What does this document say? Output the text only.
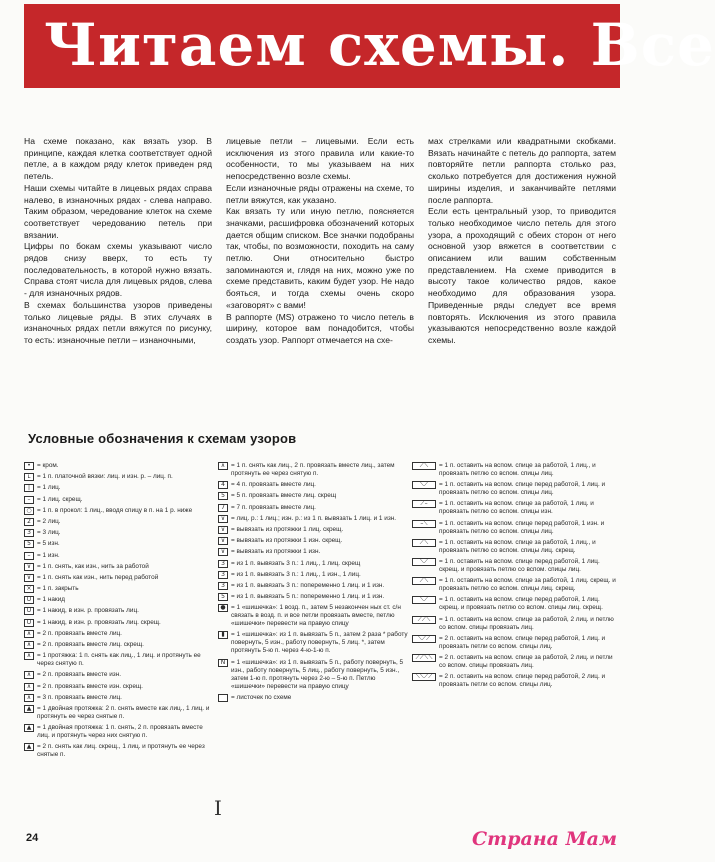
Читаем схемы. Все

На схеме показано, как вязать узор. В принципе, каждая клетка соответствует одной петле, а в каждом ряду клеток приведен ряд петель.

Наши схемы читайте в лицевых рядах справа налево, в изнаночных рядах - слева направо. Таким образом, чередование клеток на схеме соответствует чередованию петель при вязании.

Цифры по бокам схемы указывают число рядов снизу вверх, то есть ту последовательность, в которой нужно вязать. Справа стоят числа для лицевых рядов, слева - для изнаночных рядов.

В схемах большинства узоров приведены только лицевые ряды. В этих случаях в изнаночных рядах петли вяжутся по рисунку, то есть: изнаночные петли – изнаночными,

лицевые петли – лицевыми. Если есть исключения из этого правила или какие-то особенности, то мы указываем на них непосредственно возле схемы.

Если изнаночные ряды отражены на схеме, то петли вяжутся, как указано.

Как вязать ту или иную петлю, поясняется значками, расшифровка обозначений которых дается общим списком. Все значки подобраны так, чтобы, по возможности, походить на саму петлю. Они относительно быстро запоминаются и, глядя на них, можно уже по схеме представить, каким будет узор. Не надо бояться, и тогда схемы очень скоро «заговорят» с вами!

В раппорте (MS) отражено то число петель в ширину, которое вам понадобится, чтобы создать узор. Раппорт отмечается на схе-

мах стрелками или квадратными скобками. Вязать начинайте с петель до раппорта, затем повторяйте петли раппорта столько раз, сколько потребуется для достижения нужной ширины изделия, и заканчивайте петлями после раппорта.

Если есть центральный узор, то приводится только необходимое число петель для этого узора, а проходящий с обеих сторон от него основной узор вяжется в соответствии с описанием или вашим собственным представлением. На схеме приводится в высоту такое количество рядов, какое необходимо для образования узора. Приведенные ряды следует все время повторять. Исключения из этого правила указываются непосредственно возле каждой схемы.

Условные обозначения к схемам узоров
• = кром.
ʟ	= 1 п. платочной вязки: лиц. и изн. р. – лиц. п.
|	= 1 лиц.
–	= 1 лиц. скрещ.
○ = 1 п. в прокол: 1 лиц., вводя спицу в п. на 1 р. ниже
2 = 2 лиц.
3 = 3 лиц.
5 = 5 изн.
–	= 1 изн.
∨ = 1 п. снять, как изн., нить за работой
∨ = 1 п. снять как изн., нить перед работой
× = 1 п. закрыть
U = 1 накид
U = 1 накид, в изн. р. провязать лиц.
U = 1 накид, в изн. р. провязать лиц. скрещ.
∧ = 2 п. провязать вместе лиц.
∧ = 2 п. провязать вместе лиц. скрещ.
∧ = 1 протяжка: 1 п. снять как лиц., 1 лиц. и протянуть ее через снятую п.
∧ = 2 п. провязать вместе изн.
∧ = 2 п. провязать вместе изн. скрещ.
∧ = 3 п. провязать вместе лиц.
▲ = 1 двойная протяжка: 2 п. снять вместе как лиц., 1 лиц. и протянуть ее через снятые п.
▲ = 1 двойная протяжка: 1 п. снять, 2 п. провязать вместе лиц. и протянуть через них снятую п.
▲ = 2 п. снять как лиц. скрещ., 1 лиц. и протянуть ее через снятые п.
∧ = 1 п. снять как лиц., 2 п. провязать вместе лиц., затем протянуть ее через снятую п.
4 = 4 п. провязать вместе лиц.
5 = 5 п. провязать вместе лиц. скрещ
7 = 7 п. провязать вместе лиц.
∨ = лиц. р.: 1 лиц.; изн. р.: из 1 п. вывязать 1 лиц. и 1 изн.
∨ = вывязать из протяжки 1 лиц. скрещ.
∨ = вывязать из протяжки 1 изн. скрещ.
∨ = вывязать из протяжки 1 изн.
3 = из 1 п. вывязать 3 п.: 1 лиц., 1 лиц. скрещ
3 = из 1 п. вывязать 3 п.: 1 лиц., 1 изн., 1 лиц.
3 = из 1 п. вывязать 3 п.: попеременно 1 лиц. и 1 изн.
5 = из 1 п. вывязать 5 п.: попеременно 1 лиц. и 1 изн.
● = 1 «шишечка»: 1 возд. п., затем 5 незакончен ных ст. с/н связать в возд. п. и все петли провязать вместе, петлю «шишечки» перевести на правую спицу
▮ = 1 «шишечка»: из 1 п. вывязать 5 п., затем 2 раза * работу повернуть, 5 изн., работу повернуть, 5 лиц. *, затем протянуть 5-ю п. через 4-ю-1-ю п.
N = 1 «шишечка»: из 1 п. вывязать 5 п., работу повернуть, 5 изн., работу повернуть, 5 лиц., работу повернуть, 5 изн., затем 1-ю п. протянуть через 2-ю – 5-ю п. Петлю «шишечки» перевести на правую спицу
= листочек по схеме
⟋⟍	= 1 п. оставить на вспом. спице за работой, 1 лиц., и провязать петлю со вспом. спицы лиц.
⟍⟋	= 1 п. оставить на вспом. спице перед работой, 1 лиц. и провязать петлю со вспом. спицы лиц.
⟋–	= 1 п. оставить на вспом. спице за работой, 1 лиц. и провязать петлю со вспом. спицы изн.
–⟍	= 1 п. оставить на вспом. спице перед работой, 1 изн. и провязать петлю со вспом. спицы лиц.
⟋⟍	= 1 п. оставить на вспом. спице за работой, 1 лиц., и провязать петлю со вспом. спицы лиц. скрещ.
⟍⟋	= 1 п. оставить на вспом. спице перед работой, 1 лиц. скрещ. и провязать петлю со вспом. спицы лиц.
⟋⟍	= 1 п. оставить на вспом. спице за работой, 1 лиц. скрещ. и провязать петлю со вспом. спицы лиц. скрещ.
⟍⟋	= 1 п. оставить на вспом. спице перед работой, 1 лиц. скрещ. и провязать петлю со вспом. спицы лиц. скрещ.
⟋⟋⟍	= 1 п. оставить на вспом. спице за работой, 2 лиц. и петлю со вспом. спицы провязать лиц.
⟍⟋⟋	= 2 п. оставить на вспом. спице перед работой, 1 лиц. и провязать петли со вспом. спицы лиц.
⟋⟋⟍⟍	= 2 п. оставить на вспом. спице за работой, 2 лиц. и петли со вспом. спицы провязать лиц.
⟍⟍⟋⟋	= 2 п. оставить на вспом. спице перед работой, 2 лиц. и провязать петли со вспом. спицы лиц.
I
24	Страна Мам
